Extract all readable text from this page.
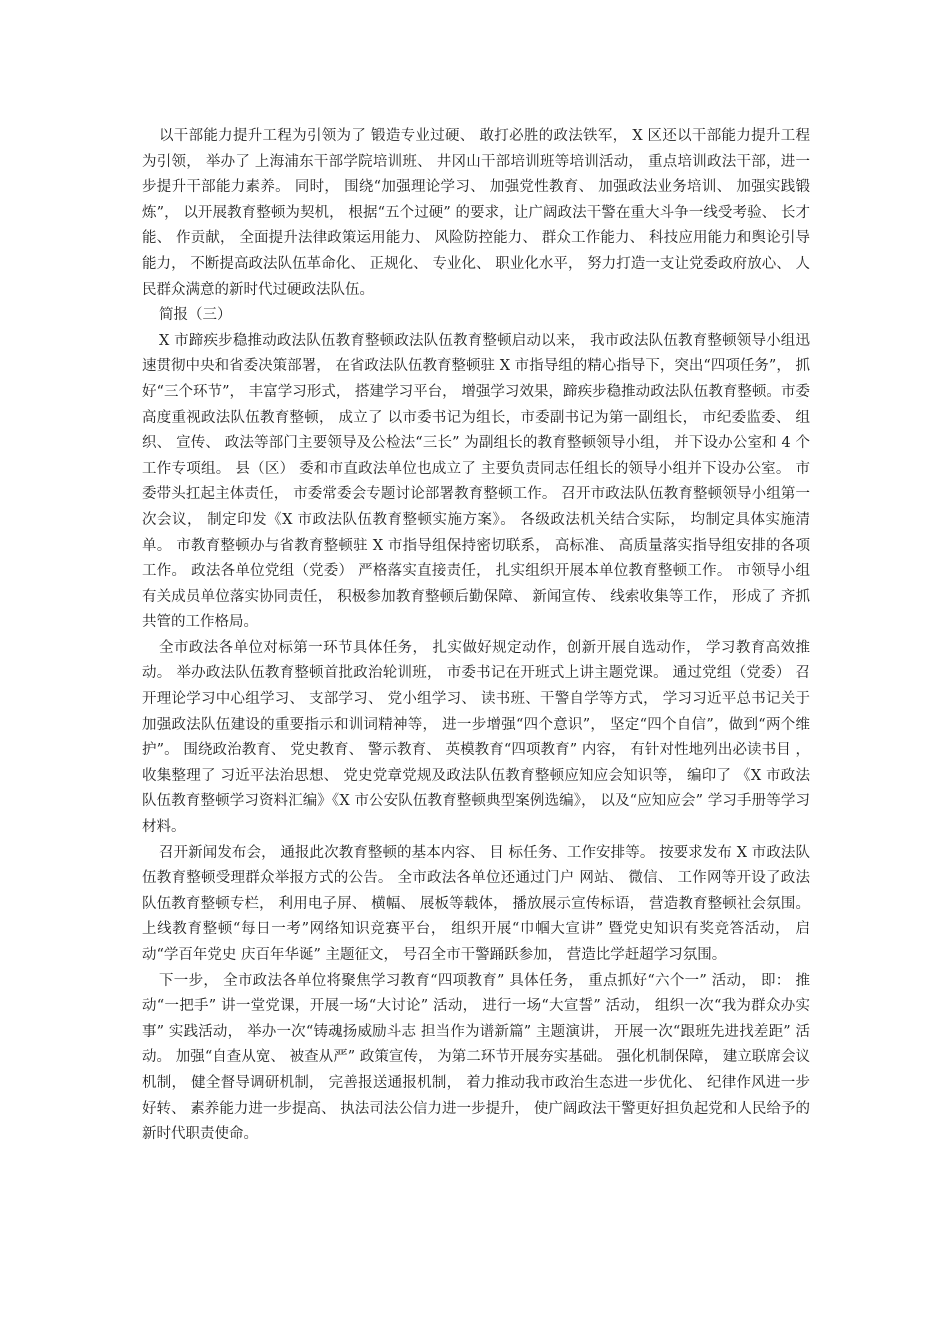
以干部能力提升工程为引领为了 锻造专业过硬、 敢打必胜的政法铁军， X 区还以干部能力提升工程为引领， 举办了 上海浦东干部学院培训班、 井冈山干部培训班等培训活动， 重点培训政法干部，进一步提升干部能力素养。 同时， 围绕“加强理论学习、 加强党性教育、 加强政法业务培训、 加强实践锻炼”， 以开展教育整顿为契机， 根据“五个过硬” 的要求，让广阔政法干警在重大斗争一线受考验、 长才能、 作贡献， 全面提升法律政策运用能力、 风险防控能力、 群众工作能力、 科技应用能力和舆论引导能力， 不断提高政法队伍革命化、 正规化、 专业化、 职业化水平， 努力打造一支让党委政府放心、 人民群众满意的新时代过硬政法队伍。

简报（三）

X 市蹄疾步稳推动政法队伍教育整顿政法队伍教育整顿启动以来， 我市政法队伍教育整顿领导小组迅速贯彻中央和省委决策部署， 在省政法队伍教育整顿驻 X 市指导组的精心指导下，突出“四项任务”， 抓好“三个环节”， 丰富学习形式， 搭建学习平台， 增强学习效果，蹄疾步稳推动政法队伍教育整顿。市委高度重视政法队伍教育整顿， 成立了 以市委书记为组长，市委副书记为第一副组长， 市纪委监委、 组织、 宣传、 政法等部门主要领导及公检法“三长” 为副组长的教育整顿领导小组， 并下设办公室和 4 个工作专项组。 县（区） 委和市直政法单位也成立了 主要负责同志任组长的领导小组并下设办公室。 市委带头扛起主体责任， 市委常委会专题讨论部署教育整顿工作。 召开市政法队伍教育整顿领导小组第一次会议， 制定印发《X 市政法队伍教育整顿实施方案》。 各级政法机关结合实际， 均制定具体实施清单。 市教育整顿办与省教育整顿驻 X 市指导组保持密切联系， 高标准、 高质量落实指导组安排的各项工作。 政法各单位党组（党委） 严格落实直接责任， 扎实组织开展本单位教育整顿工作。 市领导小组有关成员单位落实协同责任， 积极参加教育整顿后勤保障、 新闻宣传、 线索收集等工作， 形成了 齐抓共管的工作格局。

全市政法各单位对标第一环节具体任务， 扎实做好规定动作，创新开展自选动作， 学习教育高效推动。 举办政法队伍教育整顿首批政治轮训班， 市委书记在开班式上讲主题党课。 通过党组（党委） 召开理论学习中心组学习、 支部学习、 党小组学习、 读书班、干警自学等方式， 学习习近平总书记关于加强政法队伍建设的重要指示和训词精神等， 进一步增强“四个意识”， 坚定“四个自信”，做到“两个维护”。 围绕政治教育、 党史教育、 警示教育、 英模教育“四项教育” 内容， 有针对性地列出必读书目 ， 收集整理了 习近平法治思想、 党史党章党规及政法队伍教育整顿应知应会知识等， 编印了 《X 市政法队伍教育整顿学习资料汇编》《X 市公安队伍教育整顿典型案例选编》， 以及“应知应会” 学习手册等学习材料。

召开新闻发布会， 通报此次教育整顿的基本内容、 目 标任务、工作安排等。 按要求发布 X 市政法队伍教育整顿受理群众举报方式的公告。 全市政法各单位还通过门户 网站、 微信、 工作网等开设了政法队伍教育整顿专栏， 利用电子屏、 横幅、 展板等载体， 播放展示宣传标语， 营造教育整顿社会氛围。 上线教育整顿“每日一考”网络知识竞赛平台， 组织开展“巾帼大宣讲” 暨党史知识有奖竞答活动， 启动“学百年党史 庆百年华诞” 主题征文， 号召全市干警踊跃参加， 营造比学赶超学习氛围。

下一步， 全市政法各单位将聚焦学习教育“四项教育” 具体任务， 重点抓好“六个一” 活动， 即： 推动“一把手” 讲一堂党课，开展一场“大讨论” 活动， 进行一场“大宣誓” 活动， 组织一次“我为群众办实事” 实践活动， 举办一次“铸魂扬威励斗志 担当作为谱新篇” 主题演讲， 开展一次“跟班先进找差距” 活动。 加强“自查从宽、 被查从严” 政策宣传， 为第二环节开展夯实基础。 强化机制保障， 建立联席会议机制， 健全督导调研机制， 完善报送通报机制， 着力推动我市政治生态进一步优化、 纪律作风进一步好转、 素养能力进一步提高、 执法司法公信力进一步提升， 使广阔政法干警更好担负起党和人民给予的新时代职责使命。
